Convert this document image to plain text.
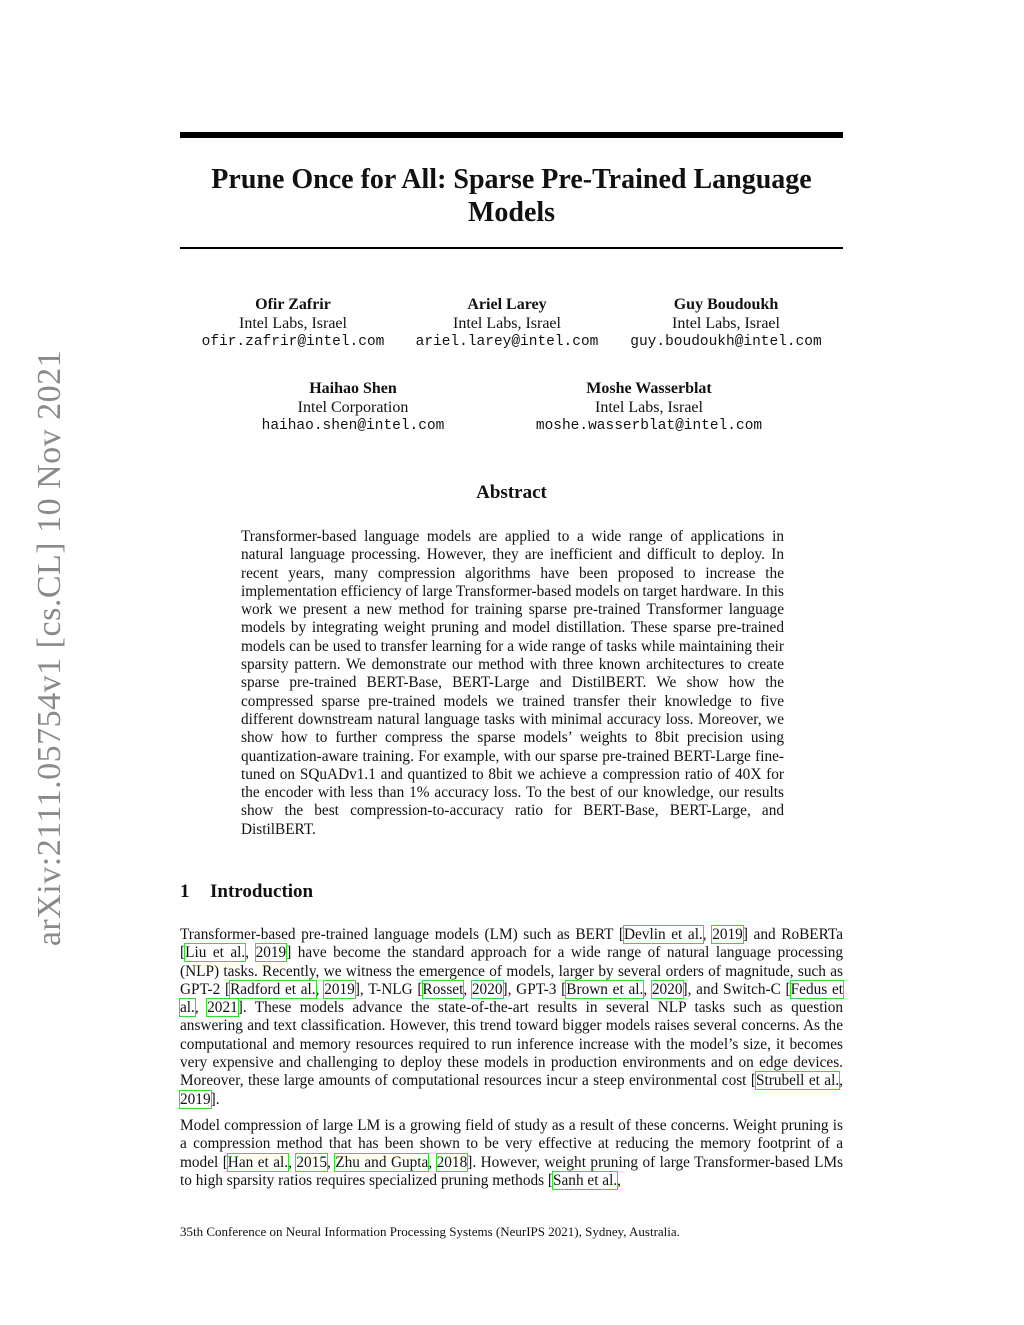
arXiv:2111.05754v1 [cs.CL] 10 Nov 2021
Prune Once for All: Sparse Pre-Trained Language Models
Ofir Zafrir
Intel Labs, Israel
ofir.zafrir@intel.com
Ariel Larey
Intel Labs, Israel
ariel.larey@intel.com
Guy Boudoukh
Intel Labs, Israel
guy.boudoukh@intel.com
Haihao Shen
Intel Corporation
haihao.shen@intel.com
Moshe Wasserblat
Intel Labs, Israel
moshe.wasserblat@intel.com
Abstract
Transformer-based language models are applied to a wide range of applications in natural language processing. However, they are inefficient and difficult to deploy. In recent years, many compression algorithms have been proposed to increase the implementation efficiency of large Transformer-based models on target hardware. In this work we present a new method for training sparse pre-trained Transformer language models by integrating weight pruning and model distillation. These sparse pre-trained models can be used to transfer learning for a wide range of tasks while maintaining their sparsity pattern. We demonstrate our method with three known architectures to create sparse pre-trained BERT-Base, BERT-Large and DistilBERT. We show how the compressed sparse pre-trained models we trained transfer their knowledge to five different downstream natural language tasks with minimal accuracy loss. Moreover, we show how to further compress the sparse models’ weights to 8bit precision using quantization-aware training. For example, with our sparse pre-trained BERT-Large fine-tuned on SQuADv1.1 and quantized to 8bit we achieve a compression ratio of 40X for the encoder with less than 1% accuracy loss. To the best of our knowledge, our results show the best compression-to-accuracy ratio for BERT-Base, BERT-Large, and DistilBERT.
1 Introduction
Transformer-based pre-trained language models (LM) such as BERT [Devlin et al., 2019] and RoBERTa [Liu et al., 2019] have become the standard approach for a wide range of natural language processing (NLP) tasks. Recently, we witness the emergence of models, larger by several orders of magnitude, such as GPT-2 [Radford et al., 2019], T-NLG [Rosset, 2020], GPT-3 [Brown et al., 2020], and Switch-C [Fedus et al., 2021]. These models advance the state-of-the-art results in several NLP tasks such as question answering and text classification. However, this trend toward bigger models raises several concerns. As the computational and memory resources required to run inference increase with the model’s size, it becomes very expensive and challenging to deploy these models in production environments and on edge devices. Moreover, these large amounts of computational resources incur a steep environmental cost [Strubell et al., 2019].
Model compression of large LM is a growing field of study as a result of these concerns. Weight pruning is a compression method that has been shown to be very effective at reducing the memory footprint of a model [Han et al., 2015, Zhu and Gupta, 2018]. However, weight pruning of large Transformer-based LMs to high sparsity ratios requires specialized pruning methods [Sanh et al.,
35th Conference on Neural Information Processing Systems (NeurIPS 2021), Sydney, Australia.
